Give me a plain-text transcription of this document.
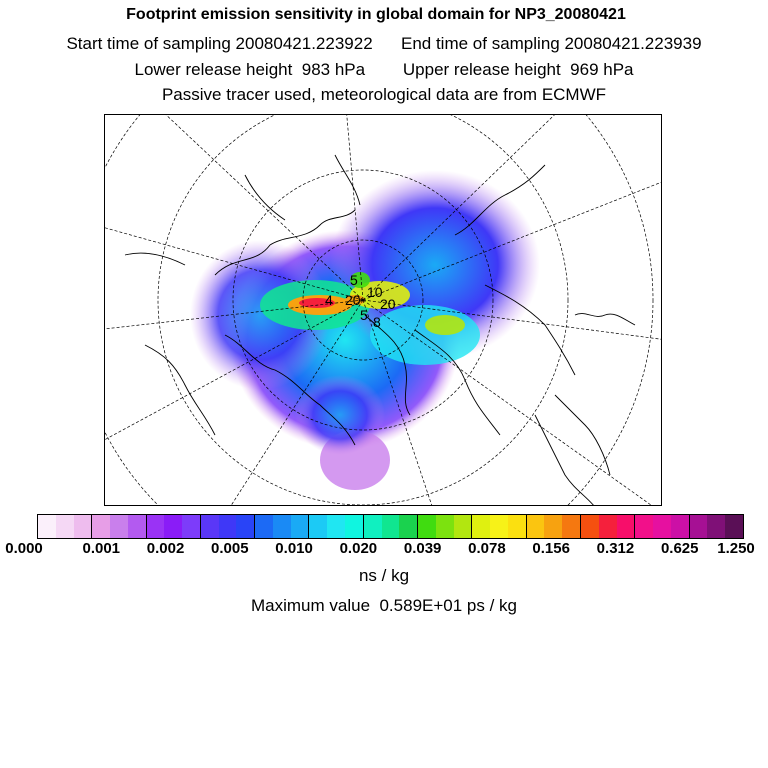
Footprint emission sensitivity in global domain for NP3_20080421
Start time of sampling 20080421.223922      End time of sampling 20080421.223939
Lower release height  983 hPa        Upper release height  969 hPa
Passive tracer used, meteorological data are from ECMWF
4 20 10
5
5 8
20
0.000	0.001 0.002 0.005 0.010 0.020 0.039 0.078 0.156 0.312 0.625 1.250
ns / kg
Maximum value  0.589E+01 ps / kg
